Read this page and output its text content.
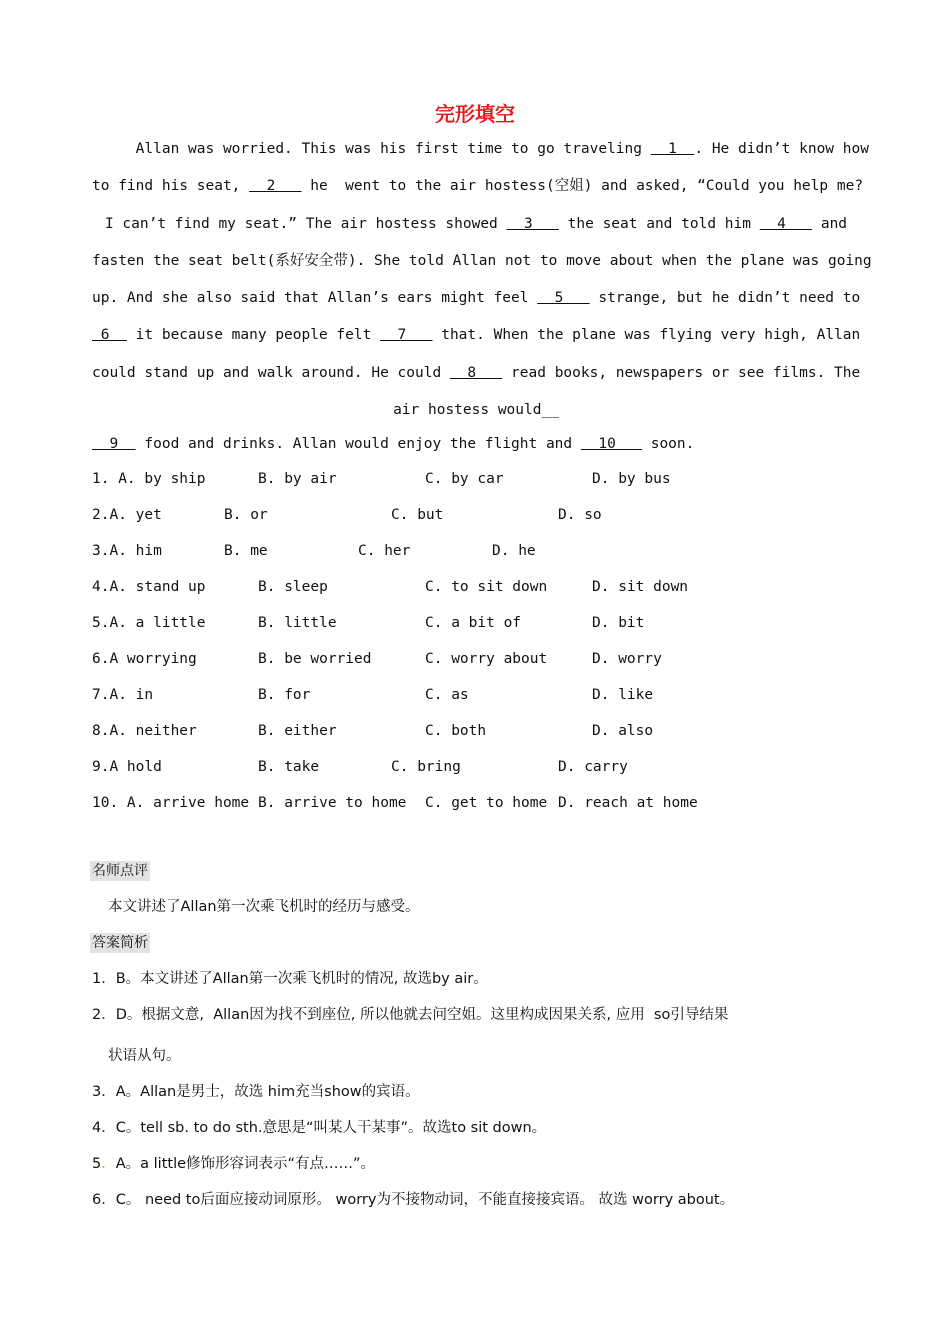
完形填空
Allan was worried. This was his first time to go traveling   1  . He didn’t know how
to find his seat,   2    he  went to the air hostess(空姐) and asked, “Could you help me?
I can’t find my seat.” The air hostess showed   3    the seat and told him   4    and
fasten the seat belt(系好安全带). She told Allan not to move about when the plane was going
up. And she also said that Allan’s ears might feel   5    strange, but he didn’t need to
6   it because many people felt   7    that. When the plane was flying very high, Allan
could stand up and walk around. He could   8    read books, newspapers or see films. The
air hostess would__
9   food and drinks. Allan would enjoy the flight and   10    soon.
1. A. by ship	B. by air	C. by car	D. by bus
2.A. yet	B. or	C. but	D. so
3.A. him	B. me	C. her	D. he
4.A. stand up	B. sleep	C. to sit down	D. sit down
5.A. a little	B. little	C. a bit of	D. bit
6.A worrying	B. be worried	C. worry about	D. worry
7.A. in	B. for	C. as	D. like
8.A. neither	B. either	C. both	D. also
9.A hold	B. take	C. bring	D. carry
10. A. arrive home B. arrive to home C. get to home D. reach at home
名师点评
本文讲述了Allan第一次乘飞机时的经历与感受。
答案简析
1．B。本文讲述了Allan第一次乘飞机时的情况, 故选by air。
2．D。根据文意,  Allan因为找不到座位, 所以他就去问空姐。这里构成因果关系, 应用  so引导结果
状语从句。
3．A。Allan是男士，故选 him充当show的宾语。
4．C。tell sb. to do sth.意思是“叫某人干某事”。故选to sit down。
5．A。a little修饰形容词表示“有点……”。
6．C。 need to后面应接动词原形。 worry为不接物动词，不能直接接宾语。 故选 worry about。
